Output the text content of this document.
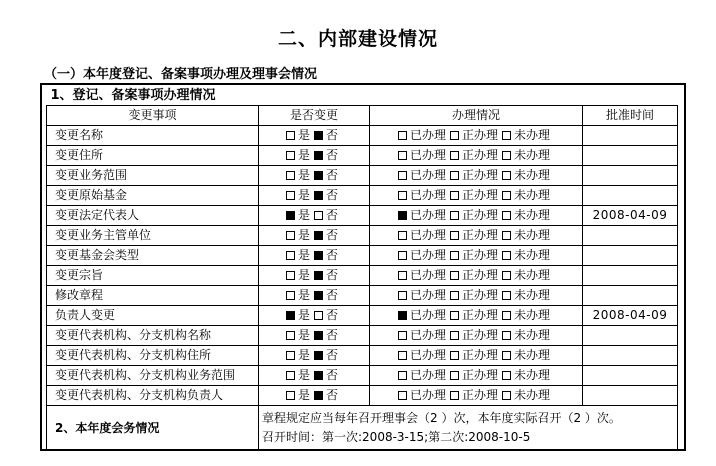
二、内部建设情况
（一）本年度登记、备案事项办理及理事会情况
1、登记、备案事项办理情况			
变更事项	是否变更	办理情况	批准时间
变更名称	是 否	已办理 正办理 未办理	
变更住所	是 否	已办理 正办理 未办理	
变更业务范围	是 否	已办理 正办理 未办理	
变更原始基金	是 否	已办理 正办理 未办理	
变更法定代表人	是 否	已办理 正办理 未办理	2008-04-09
变更业务主管单位	是 否	已办理 正办理 未办理	
变更基金会类型	是 否	已办理 正办理 未办理	
变更宗旨	是 否	已办理 正办理 未办理	
修改章程	是 否	已办理 正办理 未办理	
负责人变更	是 否	已办理 正办理 未办理	2008-04-09
变更代表机构、分支机构名称	是 否	已办理 正办理 未办理	
变更代表机构、分支机构住所	是 否	已办理 正办理 未办理	
变更代表机构、分支机构业务范围	是 否	已办理 正办理 未办理	
变更代表机构、分支机构负责人	是 否	已办理 正办理 未办理	
2、本年度会务情况	章程规定应当每年召开理事会（2 ）次，本年度实际召开（2 ）次。
召开时间：第一次:2008-3-15;第二次:2008-10-5		
